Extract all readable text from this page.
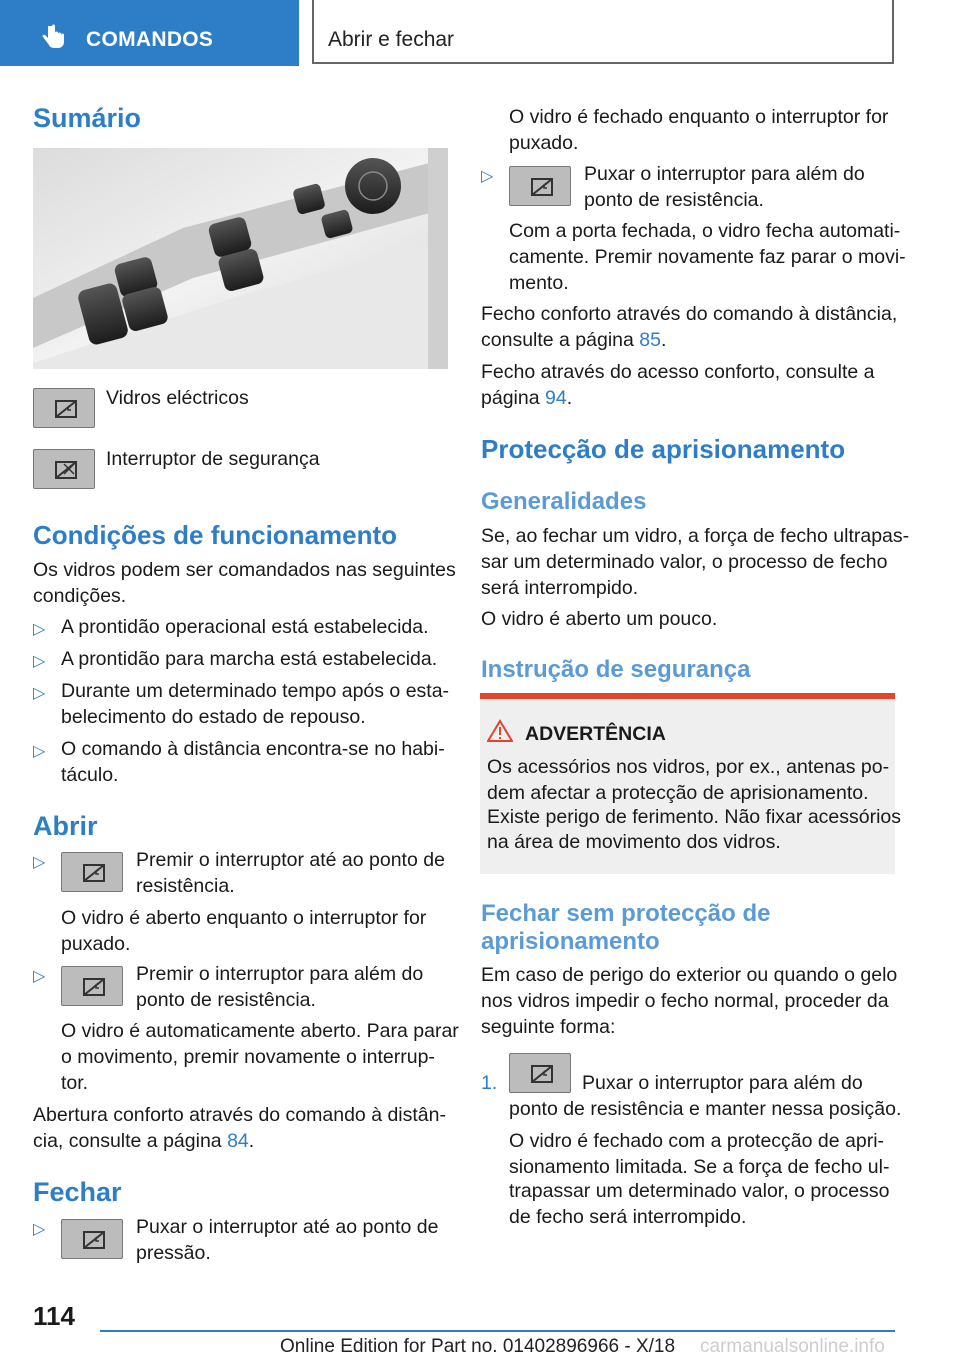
COMANDOS	Abrir e fechar
Sumário
Vidros eléctricos
Interruptor de segurança
Condições de funcionamento
Os vidros podem ser comandados nas seguintes
condições.
▷ A prontidão operacional está estabelecida.
▷ A prontidão para marcha está estabelecida.
▷ Durante um determinado tempo após o esta-
belecimento do estado de repouso.
▷ O comando à distância encontra-se no habi-
táculo.
Abrir
▷	Premir o interruptor até ao ponto de
resistência.
O vidro é aberto enquanto o interruptor for
puxado.
▷	Premir o interruptor para além do
ponto de resistência.
O vidro é automaticamente aberto. Para parar
o movimento, premir novamente o interrup-
tor.
Abertura conforto através do comando à distân-
cia, consulte a página 84.
Fechar
▷	Puxar o interruptor até ao ponto de
pressão.
O vidro é fechado enquanto o interruptor for
puxado.
▷	Puxar o interruptor para além do
ponto de resistência.
Com a porta fechada, o vidro fecha automati-
camente. Premir novamente faz parar o movi-
mento.
Fecho conforto através do comando à distância,
consulte a página 85.
Fecho através do acesso conforto, consulte a
página 94.
Protecção de aprisionamento
Generalidades
Se, ao fechar um vidro, a força de fecho ultrapas-
sar um determinado valor, o processo de fecho
será interrompido.
O vidro é aberto um pouco.
Instrução de segurança
ADVERTÊNCIA
Os acessórios nos vidros, por ex., antenas po-
dem afectar a protecção de aprisionamento.
Existe perigo de ferimento. Não fixar acessórios
na área de movimento dos vidros.
Fechar sem protecção de
aprisionamento
Em caso de perigo do exterior ou quando o gelo
nos vidros impedir o fecho normal, proceder da
seguinte forma:
1.	Puxar o interruptor para além do
ponto de resistência e manter nessa posição.
O vidro é fechado com a protecção de apri-
sionamento limitada. Se a força de fecho ul-
trapassar um determinado valor, o processo
de fecho será interrompido.
114
Online Edition for Part no. 01402896966 - X/18 carmanualsonline.info
